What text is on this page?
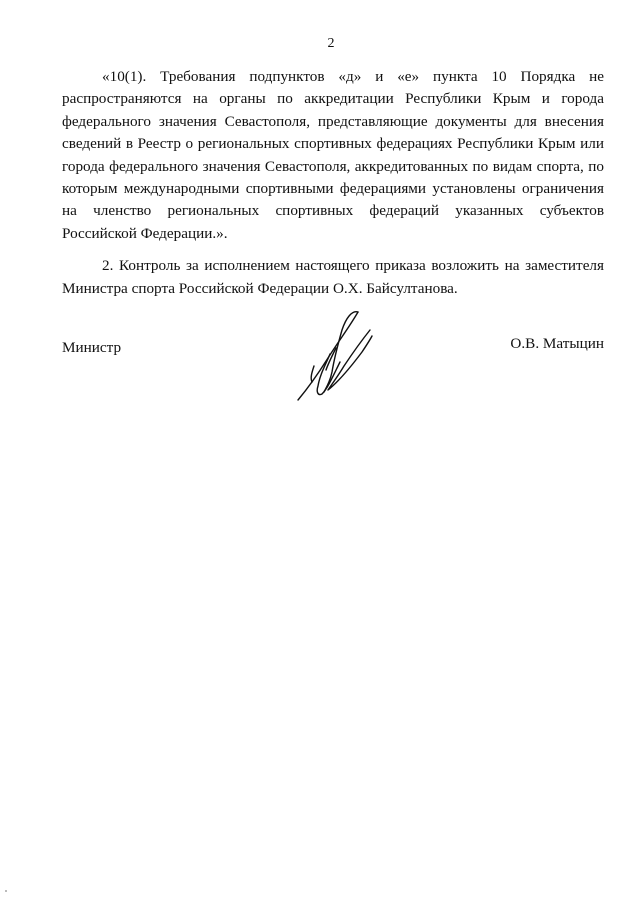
2

«10(1). Требования подпунктов «д» и «е» пункта 10 Порядка не распространяются на органы по аккредитации Республики Крым и города федерального значения Севастополя, представляющие документы для внесения сведений в Реестр о региональных спортивных федерациях Республики Крым или города федерального значения Севастополя, аккредитованных по видам спорта, по которым международными спортивными федерациями установлены ограничения на членство региональных спортивных федераций указанных субъектов Российской Федерации.».

2. Контроль за исполнением настоящего приказа возложить на заместителя Министра спорта Российской Федерации О.Х. Байсултанова.

Министр	О.В. Матыцин
